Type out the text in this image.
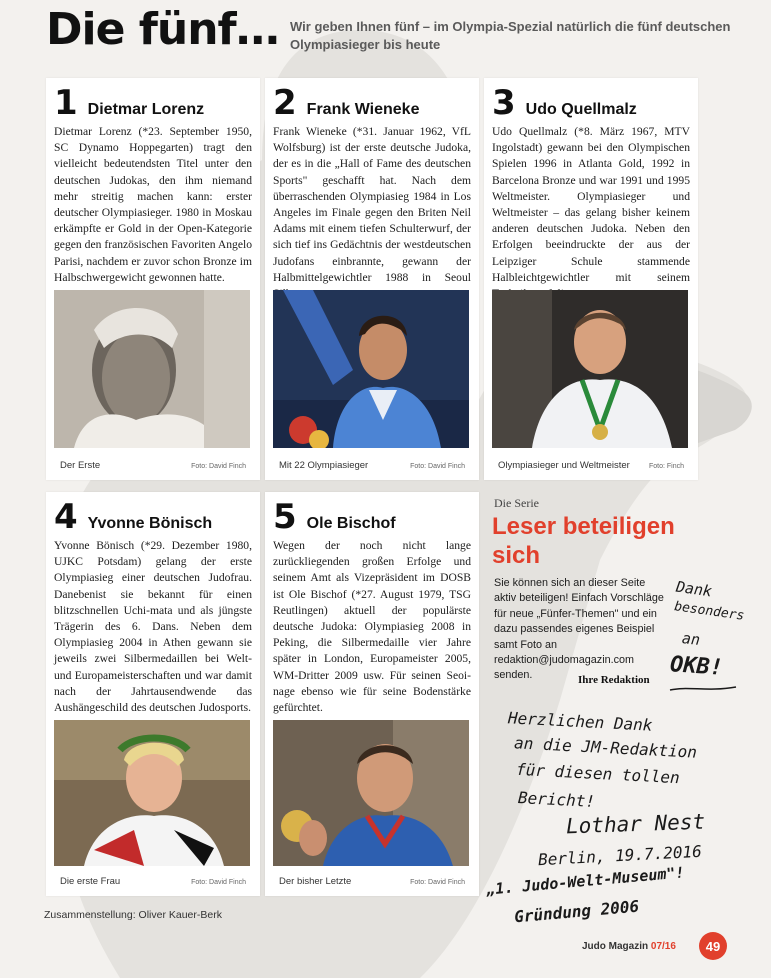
Die fünf… Wir geben Ihnen fünf – im Olympia-Spezial natürlich die fünf deutschen Olympiasieger bis heute
1 Dietmar Lorenz
Dietmar Lorenz (*23. September 1950, SC Dynamo Hoppegarten) tragt den vielleicht bedeutendsten Titel unter den deutschen Judokas, den ihm niemand mehr streitig machen kann: erster deutscher Olympiasieger. 1980 in Moskau erkämpfte er Gold in der Open-Kategorie gegen den französischen Favoriten Angelo Parisi, nachdem er zuvor schon Bronze im Halbschwergewicht gewonnen hatte.
Der Erste	Foto: David Finch
2 Frank Wieneke
Frank Wieneke (*31. Januar 1962, VfL Wolfsburg) ist der erste deutsche Judoka, der es in die „Hall of Fame des deutschen Sports" geschafft hat. Nach dem überraschenden Olympiasieg 1984 in Los Angeles im Finale gegen den Briten Neil Adams mit einem tiefen Schulterwurf, der sich tief ins Gedächtnis der westdeutschen Judofans einbrannte, gewann der Halbmittelgewichtler 1988 in Seoul
Mit 22 Olympiasieger	Foto: David Finch
3 Udo Quellmalz
Udo Quellmalz (*8. März 1967, MTV Ingolstadt) gewann bei den Olympischen Spielen 1996 in Atlanta Gold, 1992 in Barcelona Bronze und war 1991 und 1995 Weltmeister. Olympiasieger und Weltmeister – das gelang bisher keinem anderen deutschen Judoka. Neben den Erfolgen beeindruckte der aus der Leipziger Schule stammende Halbleichtgewichtler mit seinem
Olympiasieger und Weltmeister	Foto: Finch
4 Yvonne Bönisch
Yvonne Bönisch (*29. Dezember 1980, UJKC Potsdam) gelang der erste Olympiasieg einer deutschen Judofrau. Danebenist sie bekannt für einen blitzschnellen Uchi-mata und als jüngste Trägerin des 6. Dans. Neben dem Olympiasieg 2004 in Athen gewann sie jeweils zwei Silbermedaillen bei Welt- und Europameisterschaften und war damit nach der Jahrtausendwende das Aushängeschild des deutschen Judosports.
Die erste Frau	Foto: David Finch
5 Ole Bischof
Wegen der noch nicht lange zurückliegenden großen Erfolge und seinem Amt als Vizepräsident im DOSB ist Ole Bischof (*27. August 1979, TSG Reutlingen) aktuell der populärste deutsche Judoka: Olympiasieg 2008 in Peking, die Silbermedaille vier Jahre später in London, Europameister 2005, WM-Dritter 2009 usw. Für seinen Seoi-nage ebenso wie für seine Bodenstärke gefürchtet.
Der bisher Letzte	Foto: David Finch
Die Serie
Leser beteiligen sich
Sie können sich an dieser Seite aktiv beteiligen! Einfach Vorschläge für neue „Fünfer-Themen" und ein dazu passendes eigenes Beispiel samt Foto an redaktion@judomagazin.com senden.	Ihre Redaktion
Dank
besonders
an
OKB!
Herzlichen Dank
an die JM-Redaktion
für diesen tollen
Bericht!
Lothar Nest
Berlin, 19.7.2016
„1. Judo-Welt-Museum"!
Gründung 2006
Zusammenstellung: Oliver Kauer-Berk
Judo Magazin 07/16	49
